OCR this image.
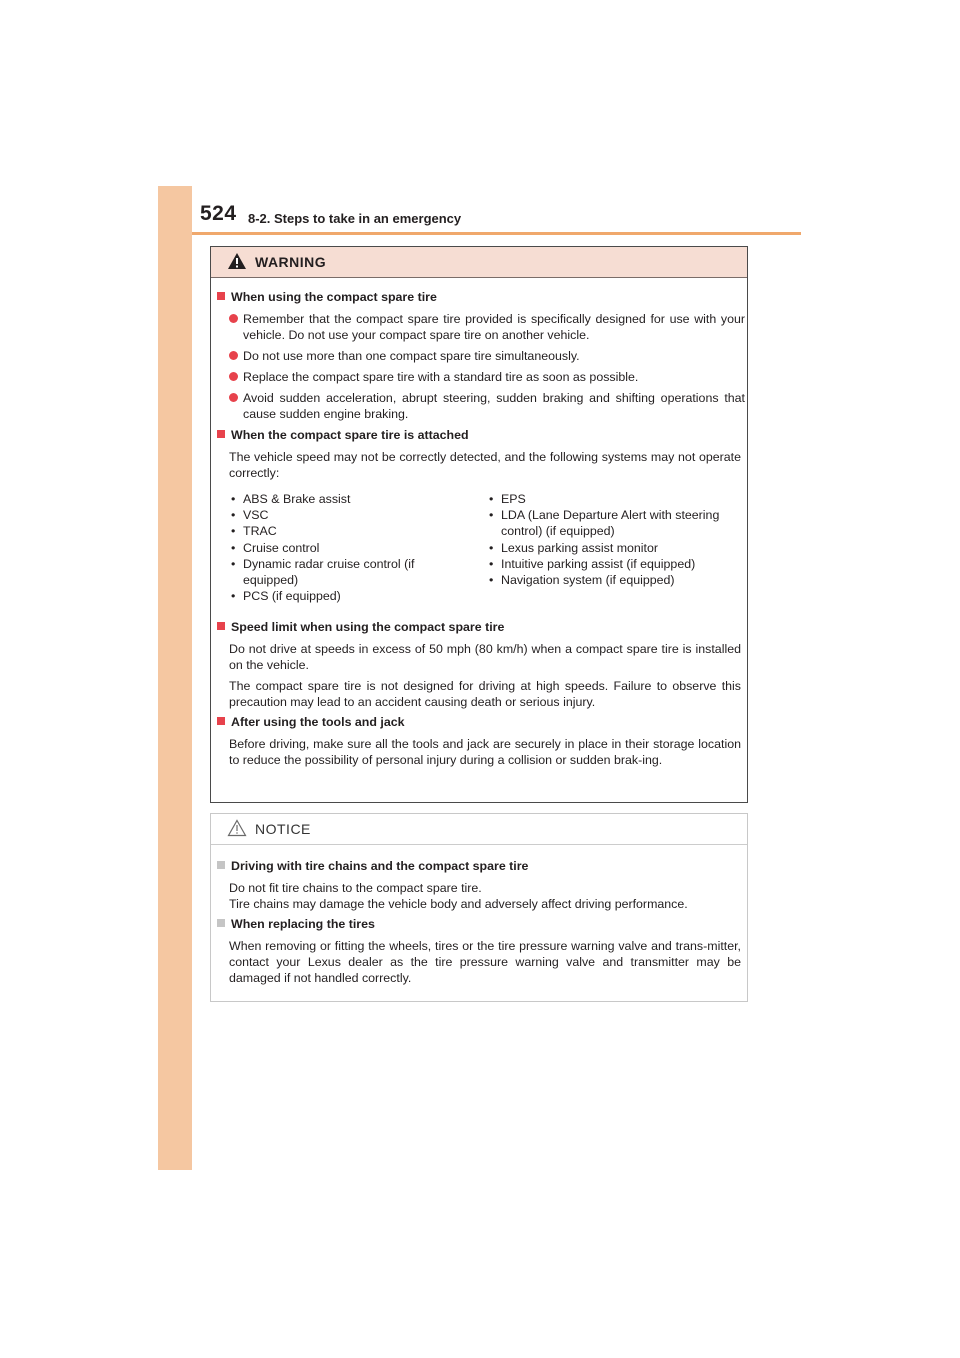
524 8-2. Steps to take in an emergency
WARNING
When using the compact spare tire
Remember that the compact spare tire provided is specifically designed for use with your vehicle. Do not use your compact spare tire on another vehicle.
Do not use more than one compact spare tire simultaneously.
Replace the compact spare tire with a standard tire as soon as possible.
Avoid sudden acceleration, abrupt steering, sudden braking and shifting operations that cause sudden engine braking.
When the compact spare tire is attached
The vehicle speed may not be correctly detected, and the following systems may not operate correctly:
• ABS & Brake assist
• VSC
• TRAC
• Cruise control
• Dynamic radar cruise control (if equipped)
• PCS (if equipped)
• EPS
• LDA (Lane Departure Alert with steering control) (if equipped)
• Lexus parking assist monitor
• Intuitive parking assist (if equipped)
• Navigation system (if equipped)
Speed limit when using the compact spare tire
Do not drive at speeds in excess of 50 mph (80 km/h) when a compact spare tire is installed on the vehicle.
The compact spare tire is not designed for driving at high speeds. Failure to observe this precaution may lead to an accident causing death or serious injury.
After using the tools and jack
Before driving, make sure all the tools and jack are securely in place in their storage location to reduce the possibility of personal injury during a collision or sudden brak-ing.
NOTICE
Driving with tire chains and the compact spare tire
Do not fit tire chains to the compact spare tire.
Tire chains may damage the vehicle body and adversely affect driving performance.
When replacing the tires
When removing or fitting the wheels, tires or the tire pressure warning valve and trans-mitter, contact your Lexus dealer as the tire pressure warning valve and transmitter may be damaged if not handled correctly.
